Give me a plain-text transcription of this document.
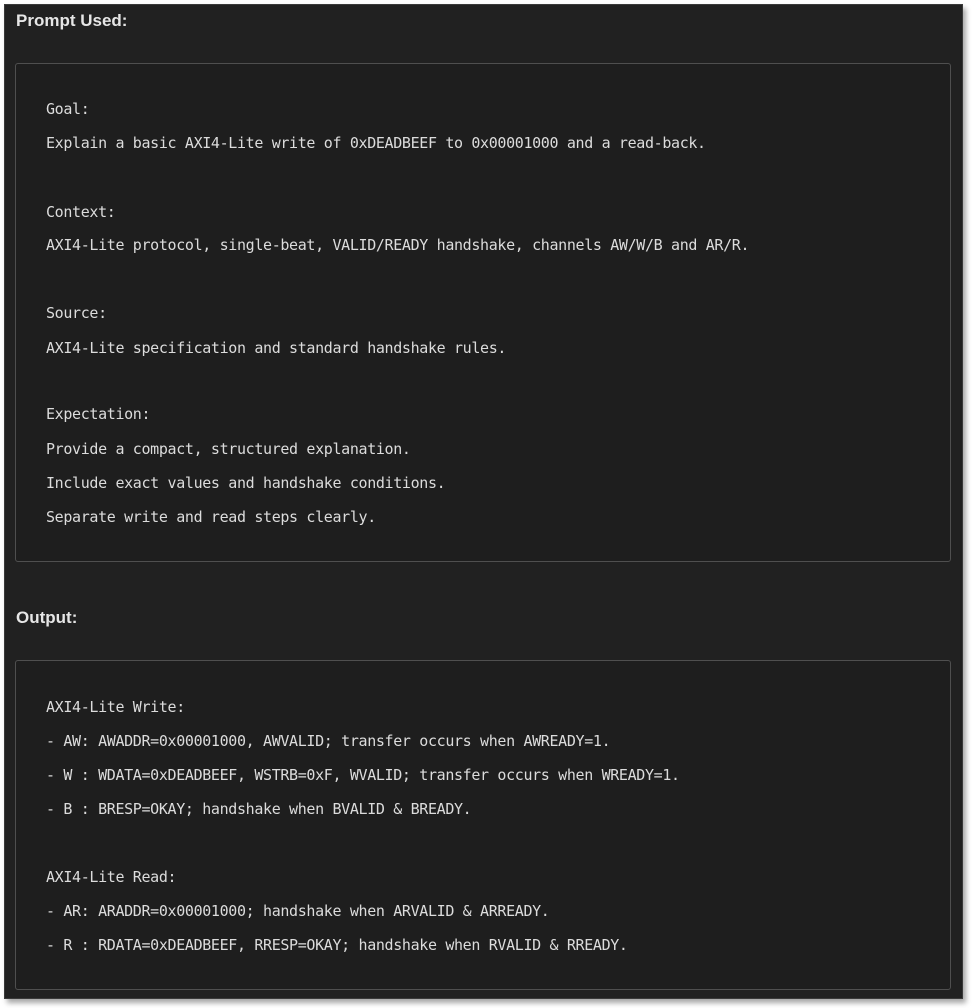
Prompt Used:
Goal:
Explain a basic AXI4-Lite write of 0xDEADBEEF to 0x00001000 and a read-back.
Context:
AXI4-Lite protocol, single-beat, VALID/READY handshake, channels AW/W/B and AR/R.
Source:
AXI4-Lite specification and standard handshake rules.
Expectation:
Provide a compact, structured explanation.
Include exact values and handshake conditions.
Separate write and read steps clearly.
Output:
AXI4-Lite Write:
- AW: AWADDR=0x00001000, AWVALID; transfer occurs when AWREADY=1.
- W : WDATA=0xDEADBEEF, WSTRB=0xF, WVALID; transfer occurs when WREADY=1.
- B : BRESP=OKAY; handshake when BVALID & BREADY.
AXI4-Lite Read:
- AR: ARADDR=0x00001000; handshake when ARVALID & ARREADY.
- R : RDATA=0xDEADBEEF, RRESP=OKAY; handshake when RVALID & RREADY.
